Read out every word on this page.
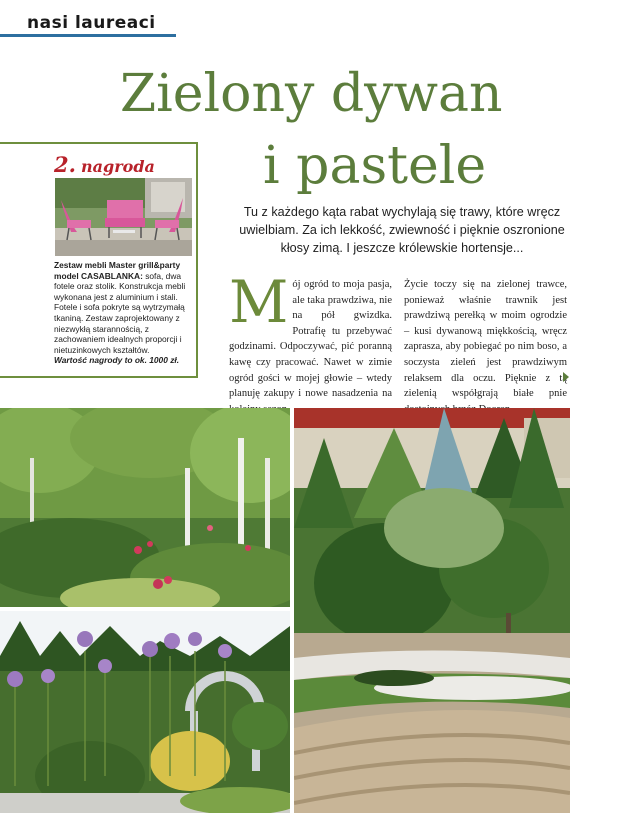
nasi laureaci
Zielony dywan
i pastele
2. nagroda
Zestaw mebli Master grill&party model CASABLANKA: sofa, dwa fotele oraz stolik. Konstrukcja mebli wykonana jest z aluminium i stali. Fotele i sofa pokryte są wytrzymałą tkaniną. Zestaw zaprojektowany z niezwykłą starannością, z zachowaniem idealnych proporcji i nietuzinkowych kształtów.
Wartość nagrody to ok. 1000 zł.
Tu z każdego kąta rabat wychylają się trawy, które wręcz uwielbiam. Za ich lekkość, zwiewność i pięknie oszronione kłosy zimą. I jeszcze królewskie hortensje...
Mój ogród to moja pasja, ale taka prawdziwa, nie na pół gwizdka. Potrafię tu przebywać godzinami. Odpoczywać, pić poranną kawę czy pracować. Nawet w zimie ogród gości w mojej głowie – wtedy planuję zakupy i nowe nasadzenia na
Życie toczy się na zielonej trawce, ponieważ właśnie trawnik jest prawdziwą perełką w moim ogrodzie – kusi dywanową miękkością, wręcz zaprasza, aby pobiegać po nim boso, a soczysta zieleń jest prawdziwym relaksem dla oczu. Pięknie z tą zielenią współgrają białe pnie
